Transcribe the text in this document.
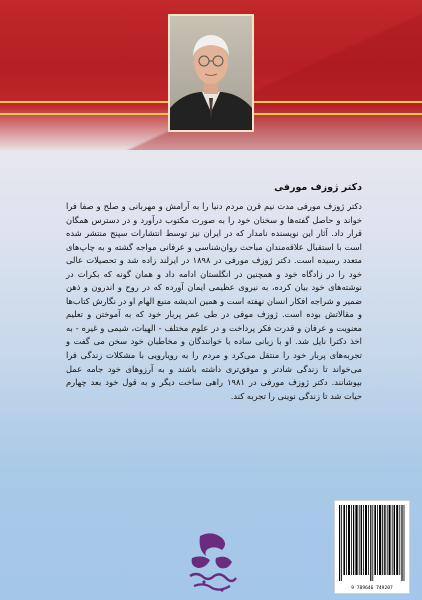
دکتر ژوزف مورفی

دکتر ژوزف مورفی مدت نیم قرن مردم دنیا را به آرامش و مهربانی و صلح و صفا فرا خواند و حاصل گفته‌ها و سخنان خود را به صورت مکتوب درآورد و در دسترس همگان قرار داد. آثار این نویسنده نامدار که در ایران نیز توسط انتشارات سپنج منتشر شده است با استقبال علاقه‌مندان مباحث روان‌شناسی و عرفانی مواجه گشته و به چاپ‌های متعدد رسیده است. دکتر ژوزف مورفی در ۱۸۹۸ در ایرلند زاده شد و تحصیلات عالی خود را در زادگاه خود و همچنین در انگلستان ادامه داد و همان گونه که بکرات در نوشته‌های خود بیان کرده، به نیروی عظیمی ایمان آورده که در روح و اندرون و ذهن ضمیر و شراجه افکار انسان نهفته است و همین اندیشه منبع الهام او در نگارش کتاب‌ها و مقالاتش بوده است. ژوزف موفی در طی عمر پربار خود که به آموختن و تعلیم معنویت و عرفان و قدرت فکر پرداخت و در علوم مختلف - الهیات، شیمی و غیره - به اخذ دکترا نایل شد. او با زبانی ساده با خوانندگان و مخاطبان خود سخن می گفت و تجربه‌های پربار خود را منتقل می‌کرد و مردم را به رویارویی با مشکلات زندگی فرا می‌خواند تا زندگی شادتر و موفق‌تری داشته باشند و به آرزوهای خود جامه عمل بپوشانند. دکتر ژوزف مورفی در ۱۹۸۱ راهی ساخت دیگر و به قول خود بعد چهارم حیات شد تا زندگی نوینی را تجربه کند.

9 789646 749207
